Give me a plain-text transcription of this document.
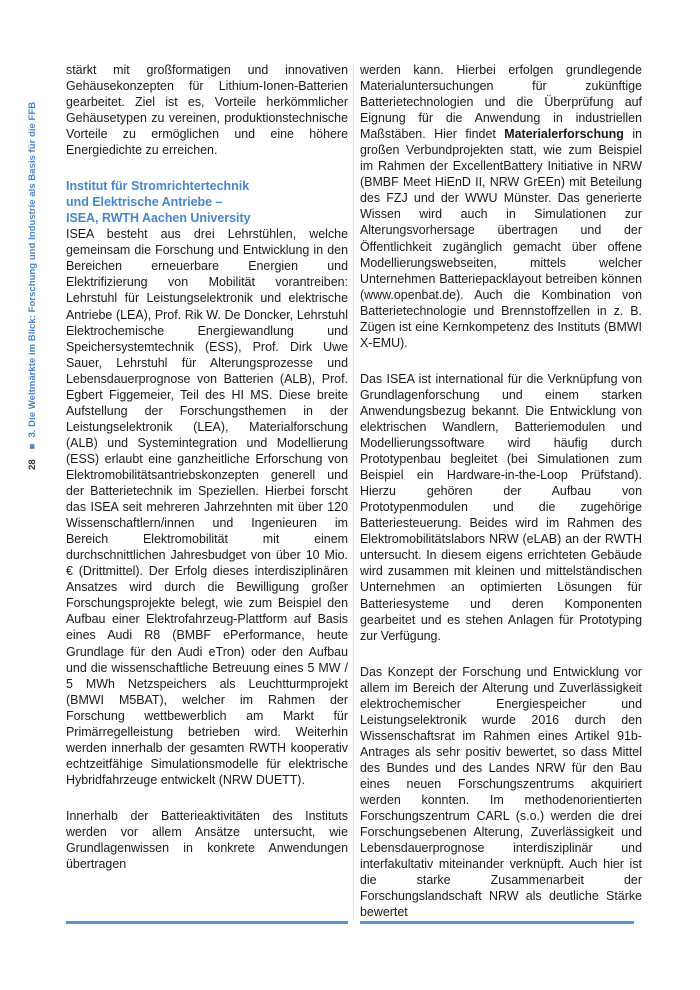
28■3. Die Weltmärkte im Blick: Forschung und Industrie als Basis für die FFB

stärkt mit großformatigen und innovativen Gehäusekonzepten für Lithium-Ionen-Batterien gearbeitet. Ziel ist es, Vorteile herkömmlicher Gehäusetypen zu vereinen, produktionstechnische Vorteile zu ermöglichen und eine höhere Energiedichte zu erreichen.

Institut für Stromrichtertechnik
und Elektrische Antriebe –
ISEA, RWTH Aachen University

ISEA besteht aus drei Lehrstühlen, welche gemeinsam die Forschung und Entwicklung in den Bereichen erneuerbare Energien und Elektrifizierung von Mobilität vorantreiben: Lehrstuhl für Leistungselektronik und elektrische Antriebe (LEA), Prof. Rik W. De Doncker, Lehrstuhl Elektrochemische Energiewandlung und Speichersystemtechnik (ESS), Prof. Dirk Uwe Sauer, Lehrstuhl für Alterungsprozesse und Lebensdauerprognose von Batterien (ALB), Prof. Egbert Figgemeier, Teil des HI MS. Diese breite Aufstellung der Forschungsthemen in der Leistungselektronik (LEA), Materialforschung (ALB) und Systemintegration und Modellierung (ESS) erlaubt eine ganzheitliche Erforschung von Elektromobilitätsantriebskonzepten generell und der Batterietechnik im Speziellen. Hierbei forscht das ISEA seit mehreren Jahrzehnten mit über 120 Wissenschaftlern/innen und Ingenieuren im Bereich Elektromobilität mit einem durchschnittlichen Jahresbudget von über 10 Mio. € (Drittmittel). Der Erfolg dieses interdisziplinären Ansatzes wird durch die Bewilligung großer Forschungsprojekte belegt, wie zum Beispiel den Aufbau einer Elektrofahrzeug-Plattform auf Basis eines Audi R8 (BMBF ePerformance, heute Grundlage für den Audi eTron) oder den Aufbau und die wissenschaftliche Betreuung eines 5 MW / 5 MWh Netzspeichers als Leuchtturmprojekt (BMWI M5BAT), welcher im Rahmen der Forschung wettbewerblich am Markt für Primärregelleistung betrieben wird. Weiterhin werden innerhalb der gesamten RWTH kooperativ echtzeitfähige Simulationsmodelle für elektrische Hybridfahrzeuge entwickelt (NRW DUETT).

Innerhalb der Batterieaktivitäten des Instituts werden vor allem Ansätze untersucht, wie Grundlagenwissen in konkrete Anwendungen übertragen

werden kann. Hierbei erfolgen grundlegende Materialuntersuchungen für zukünftige Batterietechnologien und die Überprüfung auf Eignung für die Anwendung in industriellen Maßstäben. Hier findet Materialerforschung in großen Verbundprojekten statt, wie zum Beispiel im Rahmen der ExcellentBattery Initiative in NRW (BMBF Meet HiEnD II, NRW GrEEn) mit Beteilung des FZJ und der WWU Münster. Das generierte Wissen wird auch in Simulationen zur Alterungsvorhersage übertragen und der Öffentlichkeit zugänglich gemacht über offene Modellierungswebseiten, mittels welcher Unternehmen Batteriepacklayout betreiben können (www.openbat.de). Auch die Kombination von Batterietechnologie und Brennstoffzellen in z. B. Zügen ist eine Kernkompetenz des Instituts (BMWI X-EMU).

Das ISEA ist international für die Verknüpfung von Grundlagenforschung und einem starken Anwendungsbezug bekannt. Die Entwicklung von elektrischen Wandlern, Batteriemodulen und Modellierungssoftware wird häufig durch Prototypenbau begleitet (bei Simulationen zum Beispiel ein Hardware-in-the-Loop Prüfstand). Hierzu gehören der Aufbau von Prototypenmodulen und die zugehörige Batteriesteuerung. Beides wird im Rahmen des Elektromobilitätslabors NRW (eLAB) an der RWTH untersucht. In diesem eigens errichteten Gebäude wird zusammen mit kleinen und mittelständischen Unternehmen an optimierten Lösungen für Batteriesysteme und deren Komponenten gearbeitet und es stehen Anlagen für Prototyping zur Verfügung.

Das Konzept der Forschung und Entwicklung vor allem im Bereich der Alterung und Zuverlässigkeit elektrochemischer Energiespeicher und Leistungselektronik wurde 2016 durch den Wissenschaftsrat im Rahmen eines Artikel 91b-Antrages als sehr positiv bewertet, so dass Mittel des Bundes und des Landes NRW für den Bau eines neuen Forschungszentrums akquiriert werden konnten. Im methodenorientierten Forschungszentrum CARL (s.o.) werden die drei Forschungsebenen Alterung, Zuverlässigkeit und Lebensdauerprognose interdisziplinär und interfakultativ miteinander verknüpft. Auch hier ist die starke Zusammenarbeit der Forschungslandschaft NRW als deutliche Stärke bewertet
